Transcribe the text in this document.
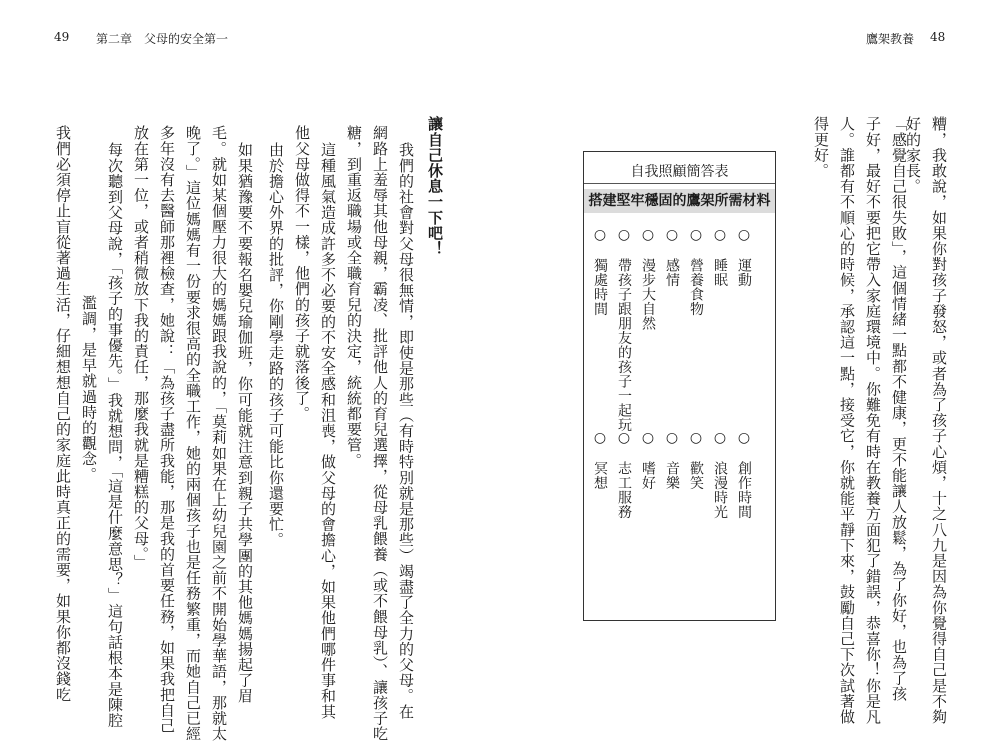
49 第二章　父母的安全第一	鷹架教養 48
我們必須停止盲從著過生活，仔細想想自己的家庭此時真正的需要，如果你都沒錢吃 濫調，是早就過時的觀念。 每次聽到父母說，「孩子的事優先。」我就想問，「這是什麼意思？」這句話根本是陳腔 放在第一位，或者稍微放下我的責任，那麼我就是糟糕的父母。」 多年沒有去醫師那裡檢查，她說：「為孩子盡所我能，那是我的首要任務，如果我把自己 晚了。」這位媽媽有一份要求很高的全職工作，她的兩個孩子也是任務繁重，而她自己已經 毛。就如某個壓力很大的媽媽跟我說的，「莫莉如果在上幼兒園之前不開始學華語，那就太 如果猶豫要不要報名嬰兒瑜伽班，你可能就注意到親子共學團的其他媽媽揚起了眉 由於擔心外界的批評，你剛學走路的孩子可能比你還要忙。 他父母做得不一樣，他們的孩子就落後了。 這種風氣造成許多不必要的不安全感和沮喪，做父母的會擔心，如果他們哪件事和其 糖，到重返職場或全職育兒的決定，統統都要管。 網路上羞辱其他母親，霸凌、批評他人的育兒選擇，從母乳餵養（或不餵母乳）、讓孩子吃 我們的社會對父母很無情，即使是那些（有時特別就是那些）竭盡了全力的父母。在 讓自己休息一下吧！	得更好。 人。誰都有不順心的時候，承認這一點，接受它，你就能平靜下來，鼓勵自己下次試著做 子好，最好不要把它帶入家庭環境中。你難免有時在教養方面犯了錯誤，恭喜你！你是凡 「感覺自己很失敗」，這個情緒一點都不健康，更不能讓人放鬆，為了你好，也為了孩
好的家長。 糟，我敢說，如果你對孩子發怒，或者為了孩子心煩，十之八九是因為你覺得自己是不夠
自我照顧簡答表
搭建堅牢穩固的鷹架所需材料
○　運動
○　創作時間
○　睡眠
○　浪漫時光
○　營養食物
○　歡笑
○　感情
○　音樂
○　漫步大自然
○　嗜好
○　帶孩子跟朋友的孩子一起玩
○　志工服務
○　獨處時間
○　冥想
